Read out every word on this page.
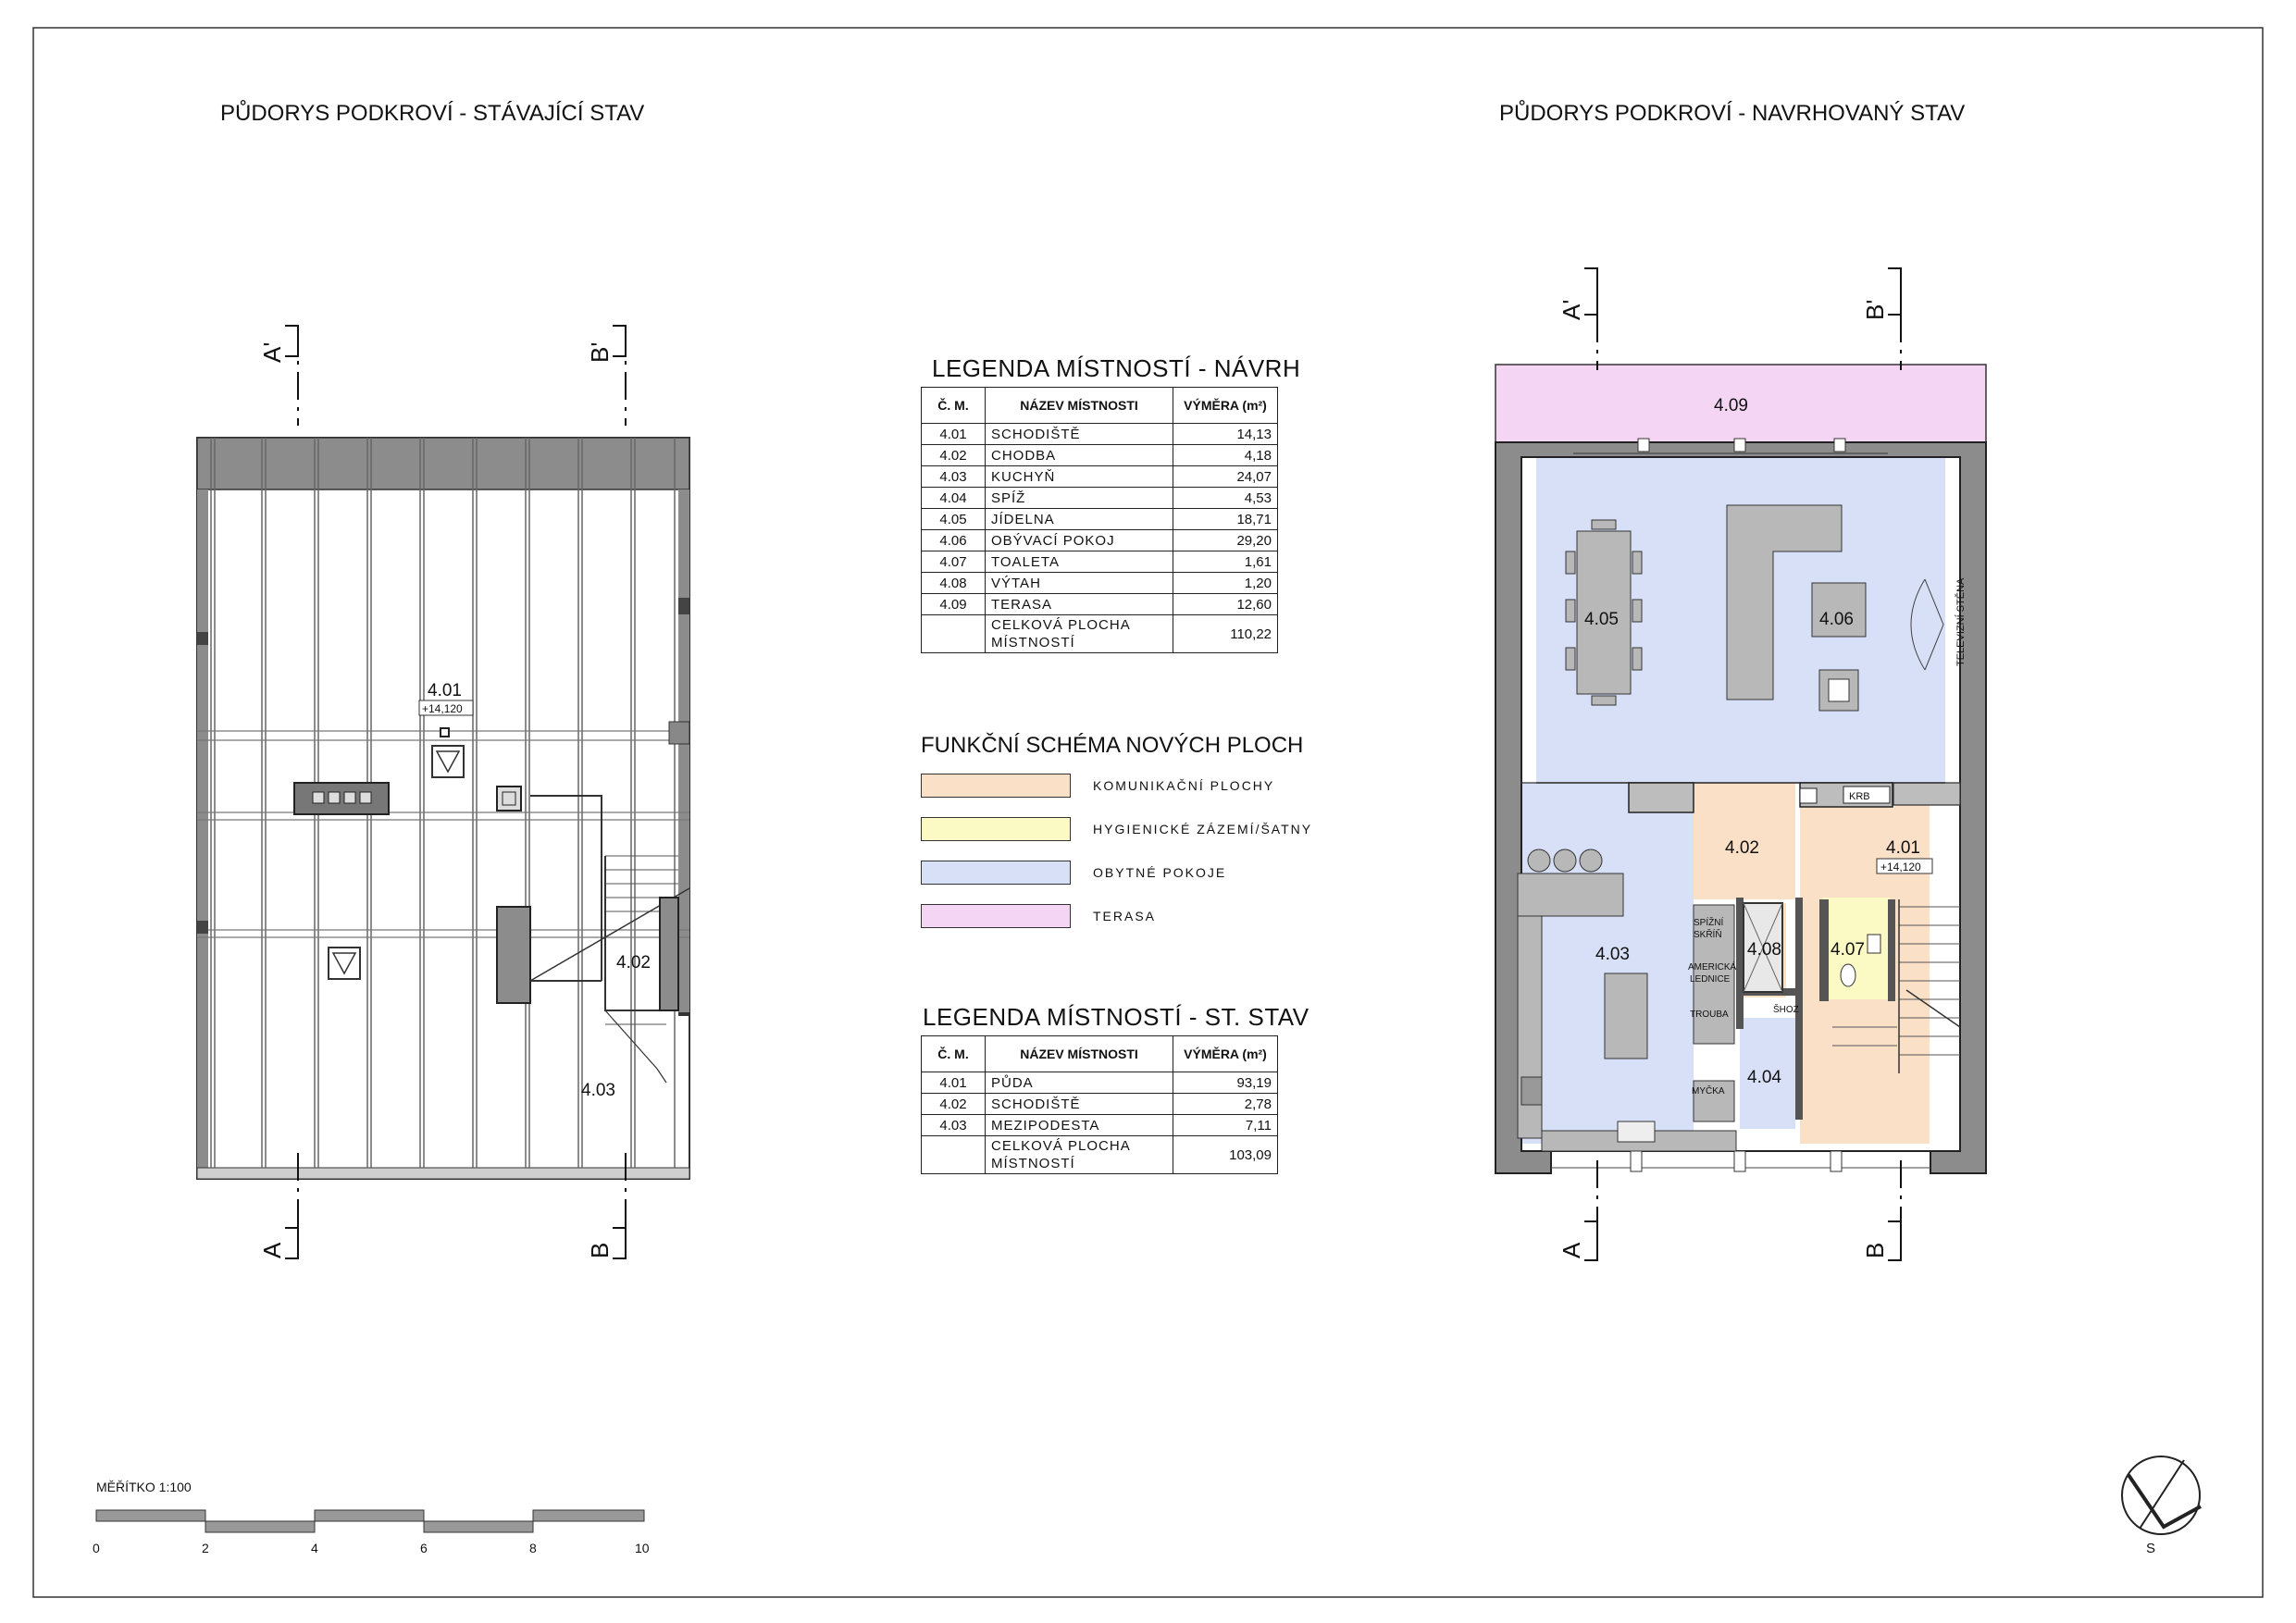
PŮDORYS PODKROVÍ - STÁVAJÍCÍ STAV	PŮDORYS PODKROVÍ - NAVRHOVANÝ STAV
4.01
+14,120
4.02
4.03
A'	B'
A	B
KRB
TELEVIZNÍ STĚNA
4.09
4.05	4.06
4.02	4.01
+14,120
4.03	4.08	4.07
4.04
SPÍŽNÍ
SKŘÍŇ
AMERICKÁ
LEDNICE
TROUBA	ŠHOZ
MYČKA
A'	B'
A	B
MĚŘÍTKO 1:100
0	2	4	6	8	10	S
LEGENDA MÍSTNOSTÍ - NÁVRH
Č. M.	NÁZEV MÍSTNOSTI	VÝMĚRA (m²)
4.01	SCHODIŠTĚ	14,13
4.02	CHODBA	4,18
4.03	KUCHYŇ	24,07
4.04	SPÍŽ	4,53
4.05	JÍDELNA	18,71
4.06	OBÝVACÍ POKOJ	29,20
4.07	TOALETA	1,61
4.08	VÝTAH	1,20
4.09	TERASA	12,60
	CELKOVÁ PLOCHA MÍSTNOSTÍ	110,22
FUNKČNÍ SCHÉMA NOVÝCH PLOCH
KOMUNIKAČNÍ PLOCHY
HYGIENICKÉ ZÁZEMÍ/ŠATNY
OBYTNÉ POKOJE
TERASA
LEGENDA MÍSTNOSTÍ - ST. STAV
Č. M.	NÁZEV MÍSTNOSTI	VÝMĚRA (m²)
4.01	PŮDA	93,19
4.02	SCHODIŠTĚ	2,78
4.03	MEZIPODESTA	7,11
	CELKOVÁ PLOCHA MÍSTNOSTÍ	103,09
